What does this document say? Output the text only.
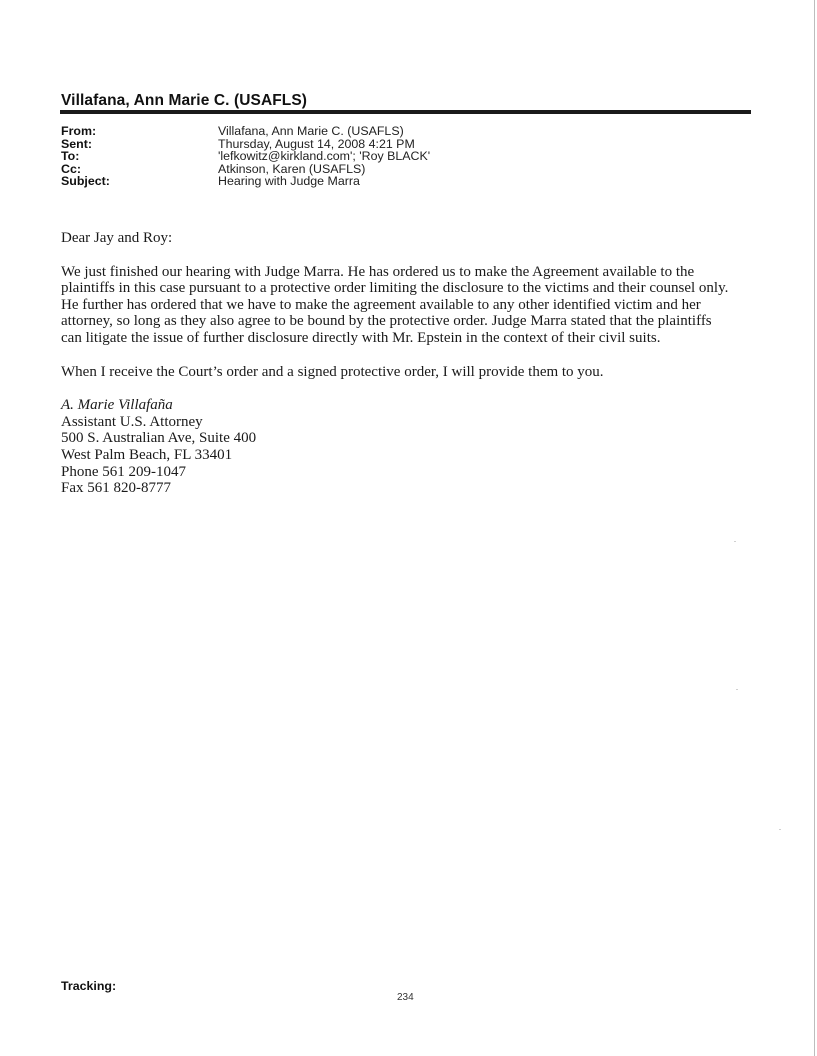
Villafana, Ann Marie C. (USAFLS)
From:	Villafana, Ann Marie C. (USAFLS)
Sent:	Thursday, August 14, 2008 4:21 PM
To:	'lefkowitz@kirkland.com'; 'Roy BLACK'
Cc:	Atkinson, Karen (USAFLS)
Subject:	Hearing with Judge Marra

Dear Jay and Roy:

We just finished our hearing with Judge Marra. He has ordered us to make the Agreement available to the
plaintiffs in this case pursuant to a protective order limiting the disclosure to the victims and their counsel only.
He further has ordered that we have to make the agreement available to any other identified victim and her
attorney, so long as they also agree to be bound by the protective order. Judge Marra stated that the plaintiffs
can litigate the issue of further disclosure directly with Mr. Epstein in the context of their civil suits.

When I receive the Court’s order and a signed protective order, I will provide them to you.

A. Marie Villafaña
Assistant U.S. Attorney
500 S. Australian Ave, Suite 400
West Palm Beach, FL 33401
Phone 561 209-1047
Fax 561 820-8777
Tracking:
234
